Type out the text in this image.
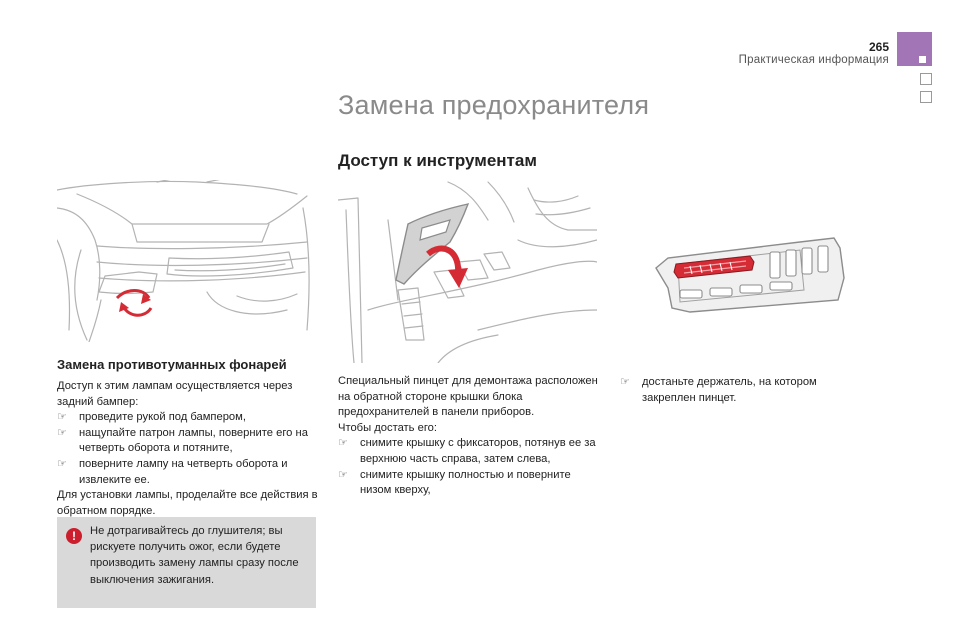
265
Практическая информация
Замена предохранителя
Доступ к инструментам
Замена противотуманных фонарей
Доступ к этим лампам осуществляется через задний бампер:
☞	проведите рукой под бампером,
☞	нащупайте патрон лампы, поверните его на четверть оборота и потяните,
☞	поверните лампу на четверть оборота и извлеките ее.
Для установки лампы, проделайте все действия в обратном порядке.
!	Не дотрагивайтесь до глушителя; вы рискуете получить ожог, если будете производить замену лампы сразу после выключения зажигания.
Специальный пинцет для демонтажа расположен на обратной стороне крышки блока предохранителей в панели приборов.
Чтобы достать его:
☞	снимите крышку с фиксаторов, потянув ее за верхнюю часть справа, затем слева,
☞	снимите крышку полностью и поверните низом кверху,
☞	достаньте держатель, на котором закреплен пинцет.
